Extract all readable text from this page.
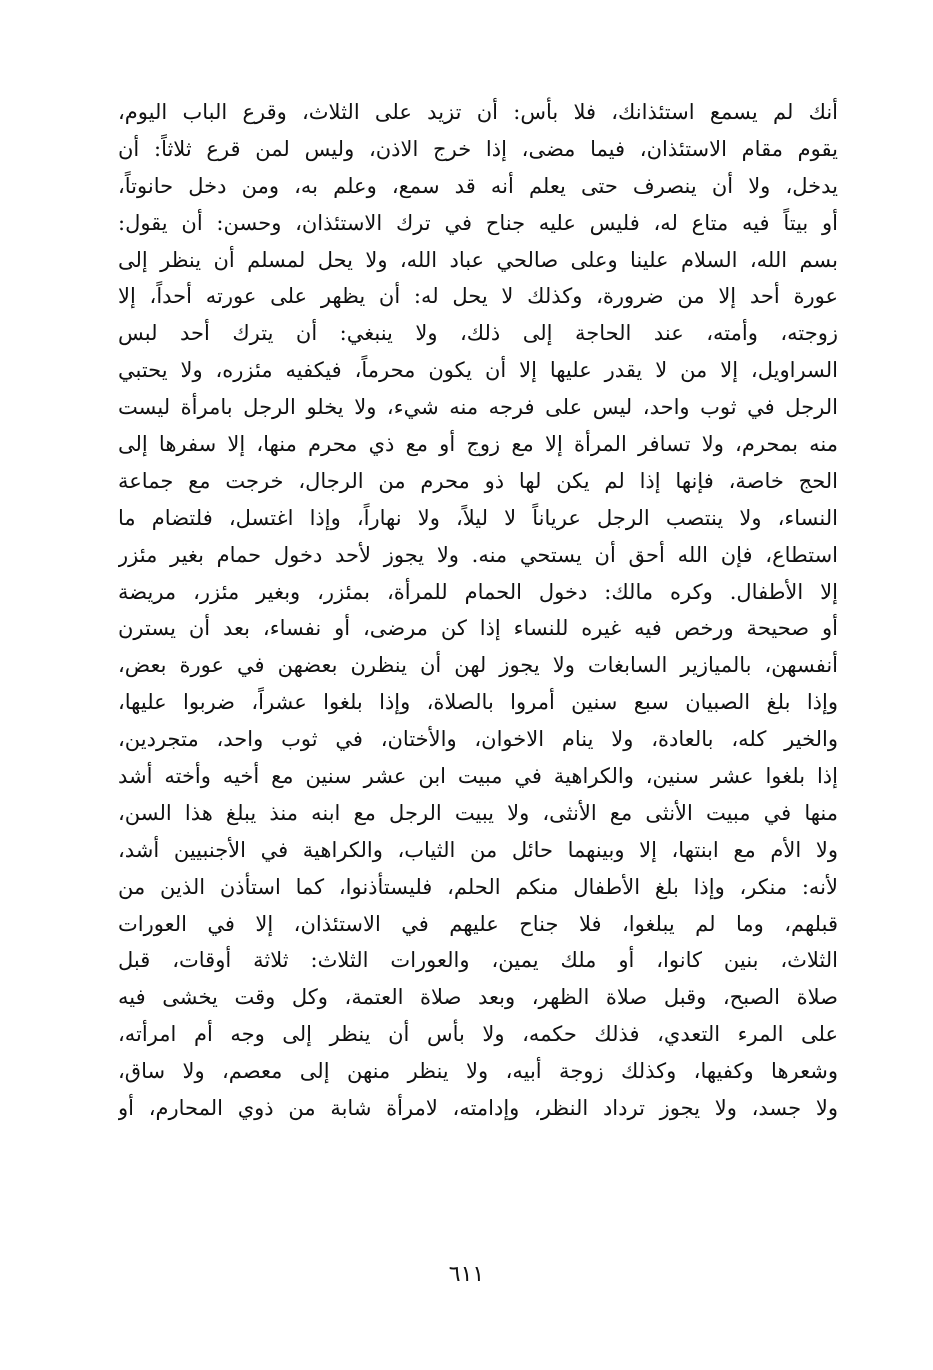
أنك لم يسمع استئذانك، فلا بأس: أن تزيد على الثلاث، وقرع الباب اليوم،
يقوم مقام الاستئذان، فيما مضى، إذا خرج الاذن، وليس لمن قرع ثلاثاً: أن
يدخل، ولا أن ينصرف حتى يعلم أنه قد سمع، وعلم به، ومن دخل حانوتاً،
أو بيتاً فيه متاع له، فليس عليه جناح في ترك الاستئذان، وحسن: أن يقول:
بسم الله، السلام علينا وعلى صالحي عباد الله، ولا يحل لمسلم أن ينظر إلى
عورة أحد إلا من ضرورة، وكذلك لا يحل له: أن يظهر على عورته أحداً، إلا
زوجته، وأمته، عند الحاجة إلى ذلك، ولا ينبغي: أن يترك أحد لبس
السراويل، إلا من لا يقدر عليها إلا أن يكون محرماً، فيكفيه مئزره، ولا يحتبي
الرجل في ثوب واحد، ليس على فرجه منه شيء، ولا يخلو الرجل بامرأة ليست
منه بمحرم، ولا تسافر المرأة إلا مع زوج أو مع ذي محرم منها، إلا سفرها إلى
الحج خاصة، فإنها إذا لم يكن لها ذو محرم من الرجال، خرجت مع جماعة
النساء، ولا ينتصب الرجل عرياناً لا ليلاً، ولا نهاراً، وإذا اغتسل، فلتضام ما
استطاع، فإن الله أحق أن يستحي منه. ولا يجوز لأحد دخول حمام بغير مئزر
إلا الأطفال. وكره مالك: دخول الحمام للمرأة، بمئزر، وبغير مئزر، مريضة
أو صحيحة ورخص فيه غيره للنساء إذا كن مرضى، أو نفساء، بعد أن يسترن
أنفسهن، بالميازير السابغات ولا يجوز لهن أن ينظرن بعضهن في عورة بعض،
وإذا بلغ الصبيان سبع سنين أمروا بالصلاة، وإذا بلغوا عشراً، ضربوا عليها،
والخير كله، بالعادة، ولا ينام الاخوان، والأختان، في ثوب واحد، متجردين،
إذا بلغوا عشر سنين، والكراهية في مبيت ابن عشر سنين مع أخيه وأخته أشد
منها في مبيت الأنثى مع الأنثى، ولا يبيت الرجل مع ابنه منذ يبلغ هذا السن،
ولا الأم مع ابنتها، إلا وبينهما حائل من الثياب، والكراهية في الأجنبيين أشد،
لأنه: منكر، وإذا بلغ الأطفال منكم الحلم، فليستأذنوا، كما استأذن الذين من
قبلهم، وما لم يبلغوا، فلا جناح عليهم في الاستئذان، إلا في العورات
الثلاث، بنين كانوا، أو ملك يمين، والعورات الثلاث: ثلاثة أوقات، قبل
صلاة الصبح، وقبل صلاة الظهر، وبعد صلاة العتمة، وكل وقت يخشى فيه
على المرء التعدي، فذلك حكمه، ولا بأس أن ينظر إلى وجه أم امرأته،
وشعرها وكفيها، وكذلك زوجة أبيه، ولا ينظر منهن إلى معصم، ولا ساق،
ولا جسد، ولا يجوز ترداد النظر، وإدامته، لامرأة شابة من ذوي المحارم، أو
٦١١
